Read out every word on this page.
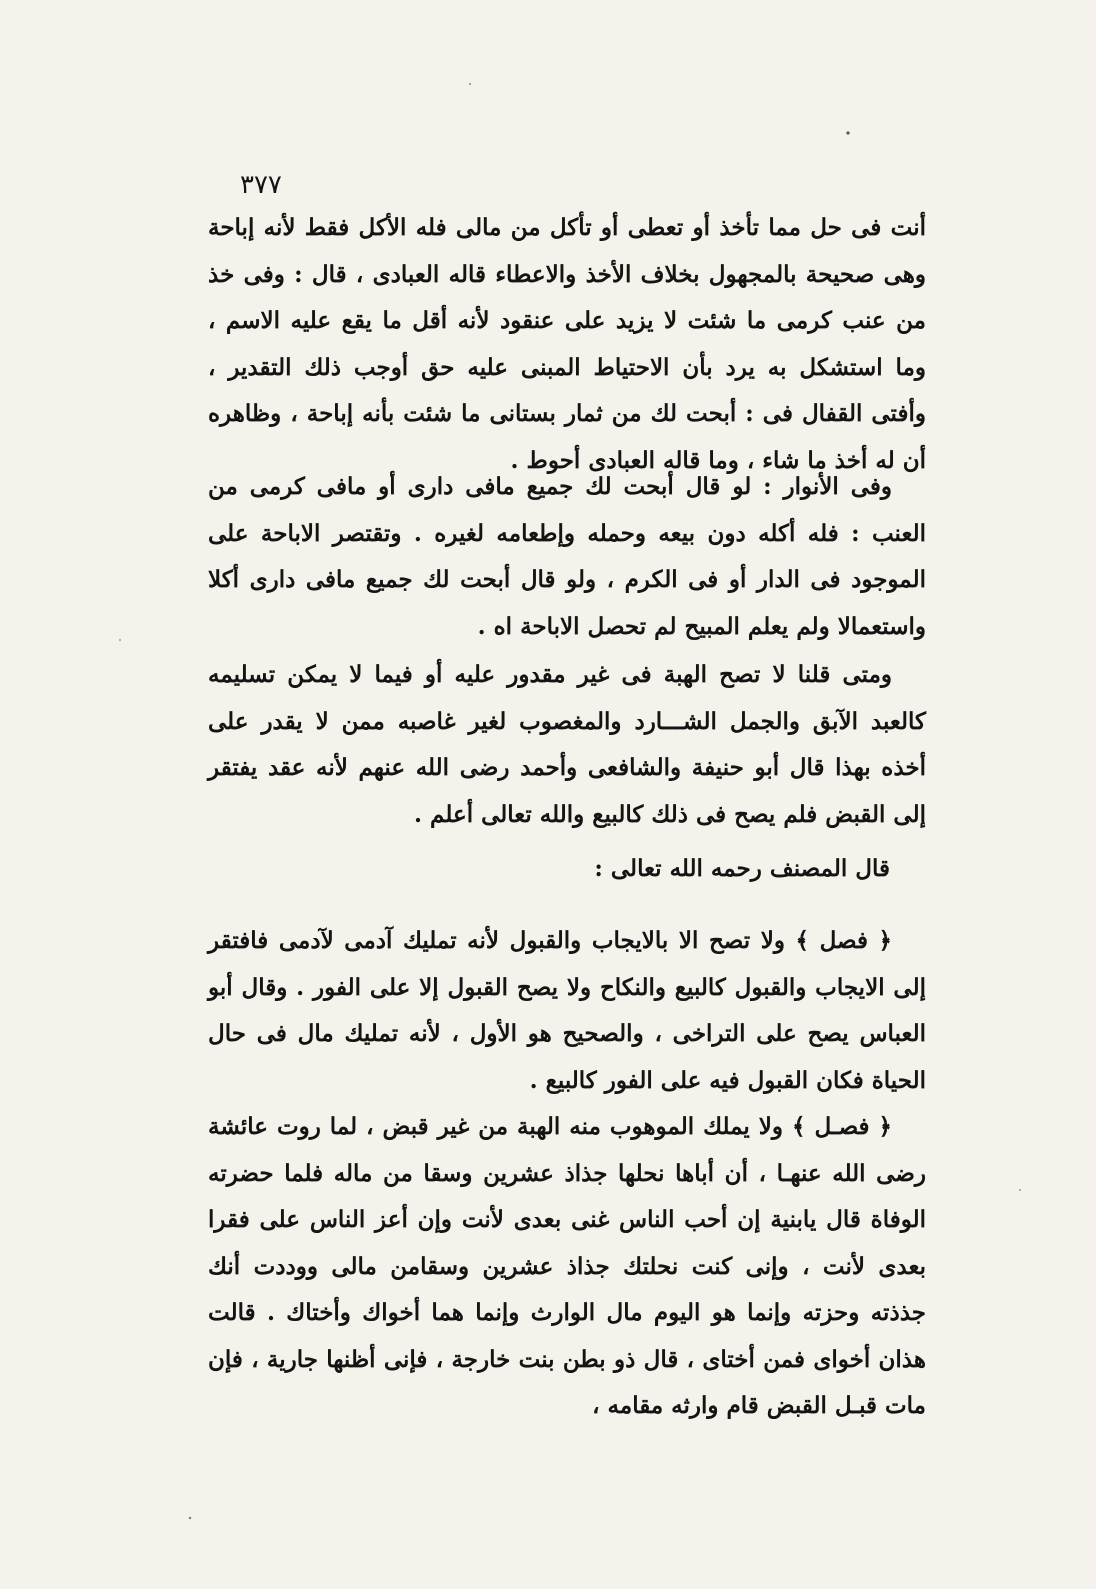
٣٧٧

أنت فى حل مما تأخذ أو تعطى أو تأكل من مالى فله الأكل فقط لأنه إباحة وهى صحيحة بالمجهول بخلاف الأخذ والاعطاء قاله العبادى ، قال : وفى خذ من عنب كرمى ما شئت لا يزيد على عنقود لأنه أقل ما يقع عليه الاسم ، وما استشكل به يرد بأن الاحتياط المبنى عليه حق أوجب ذلك التقدير ، وأفتى القفال فى : أبحت لك من ثمار بستانى ما شئت بأنه إباحة ، وظاهره أن له أخذ ما شاء ، وما قاله العبادى أحوط .

وفى الأنوار : لو قال أبحت لك جميع مافى دارى أو مافى كرمى من العنب : فله أكله دون بيعه وحمله وإطعامه لغيره . وتقتصر الاباحة على الموجود فى الدار أو فى الكرم ، ولو قال أبحت لك جميع مافى دارى أكلا واستعمالا ولم يعلم المبيح لم تحصل الاباحة اه .

ومتى قلنا لا تصح الهبة فى غير مقدور عليه أو فيما لا يمكن تسليمه كالعبد الآبق والجمل الشـــارد والمغصوب لغير غاصبه ممن لا يقدر على أخذه بهذا قال أبو حنيفة والشافعى وأحمد رضى الله عنهم لأنه عقد يفتقر إلى القبض فلم يصح فى ذلك كالبيع والله تعالى أعلم .

قال المصنف رحمه الله تعالى :

﴿ فصل ﴾ ولا تصح الا بالايجاب والقبول لأنه تمليك آدمى لآدمى فافتقر إلى الايجاب والقبول كالبيع والنكاح ولا يصح القبول إلا على الفور . وقال أبو العباس يصح على التراخى ، والصحيح هو الأول ، لأنه تمليك مال فى حال الحياة فكان القبول فيه على الفور كالبيع .

﴿ فصـل ﴾ ولا يملك الموهوب منه الهبة من غير قبض ، لما روت عائشة رضى الله عنهـا ، أن أباها نحلها جذاذ عشرين وسقا من ماله فلما حضرته الوفاة قال يابنية إن أحب الناس غنى بعدى لأنت وإن أعز الناس على فقرا بعدى لأنت ، وإنى كنت نحلتك جذاذ عشرين وسقامن مالى ووددت أنك جذذته وحزته وإنما هو اليوم مال الوارث وإنما هما أخواك وأختاك . قالت هذان أخواى فمن أختاى ، قال ذو بطن بنت خارجة ، فإنى أظنها جارية ، فإن مات قبـل القبض قام وارثه مقامه ،
